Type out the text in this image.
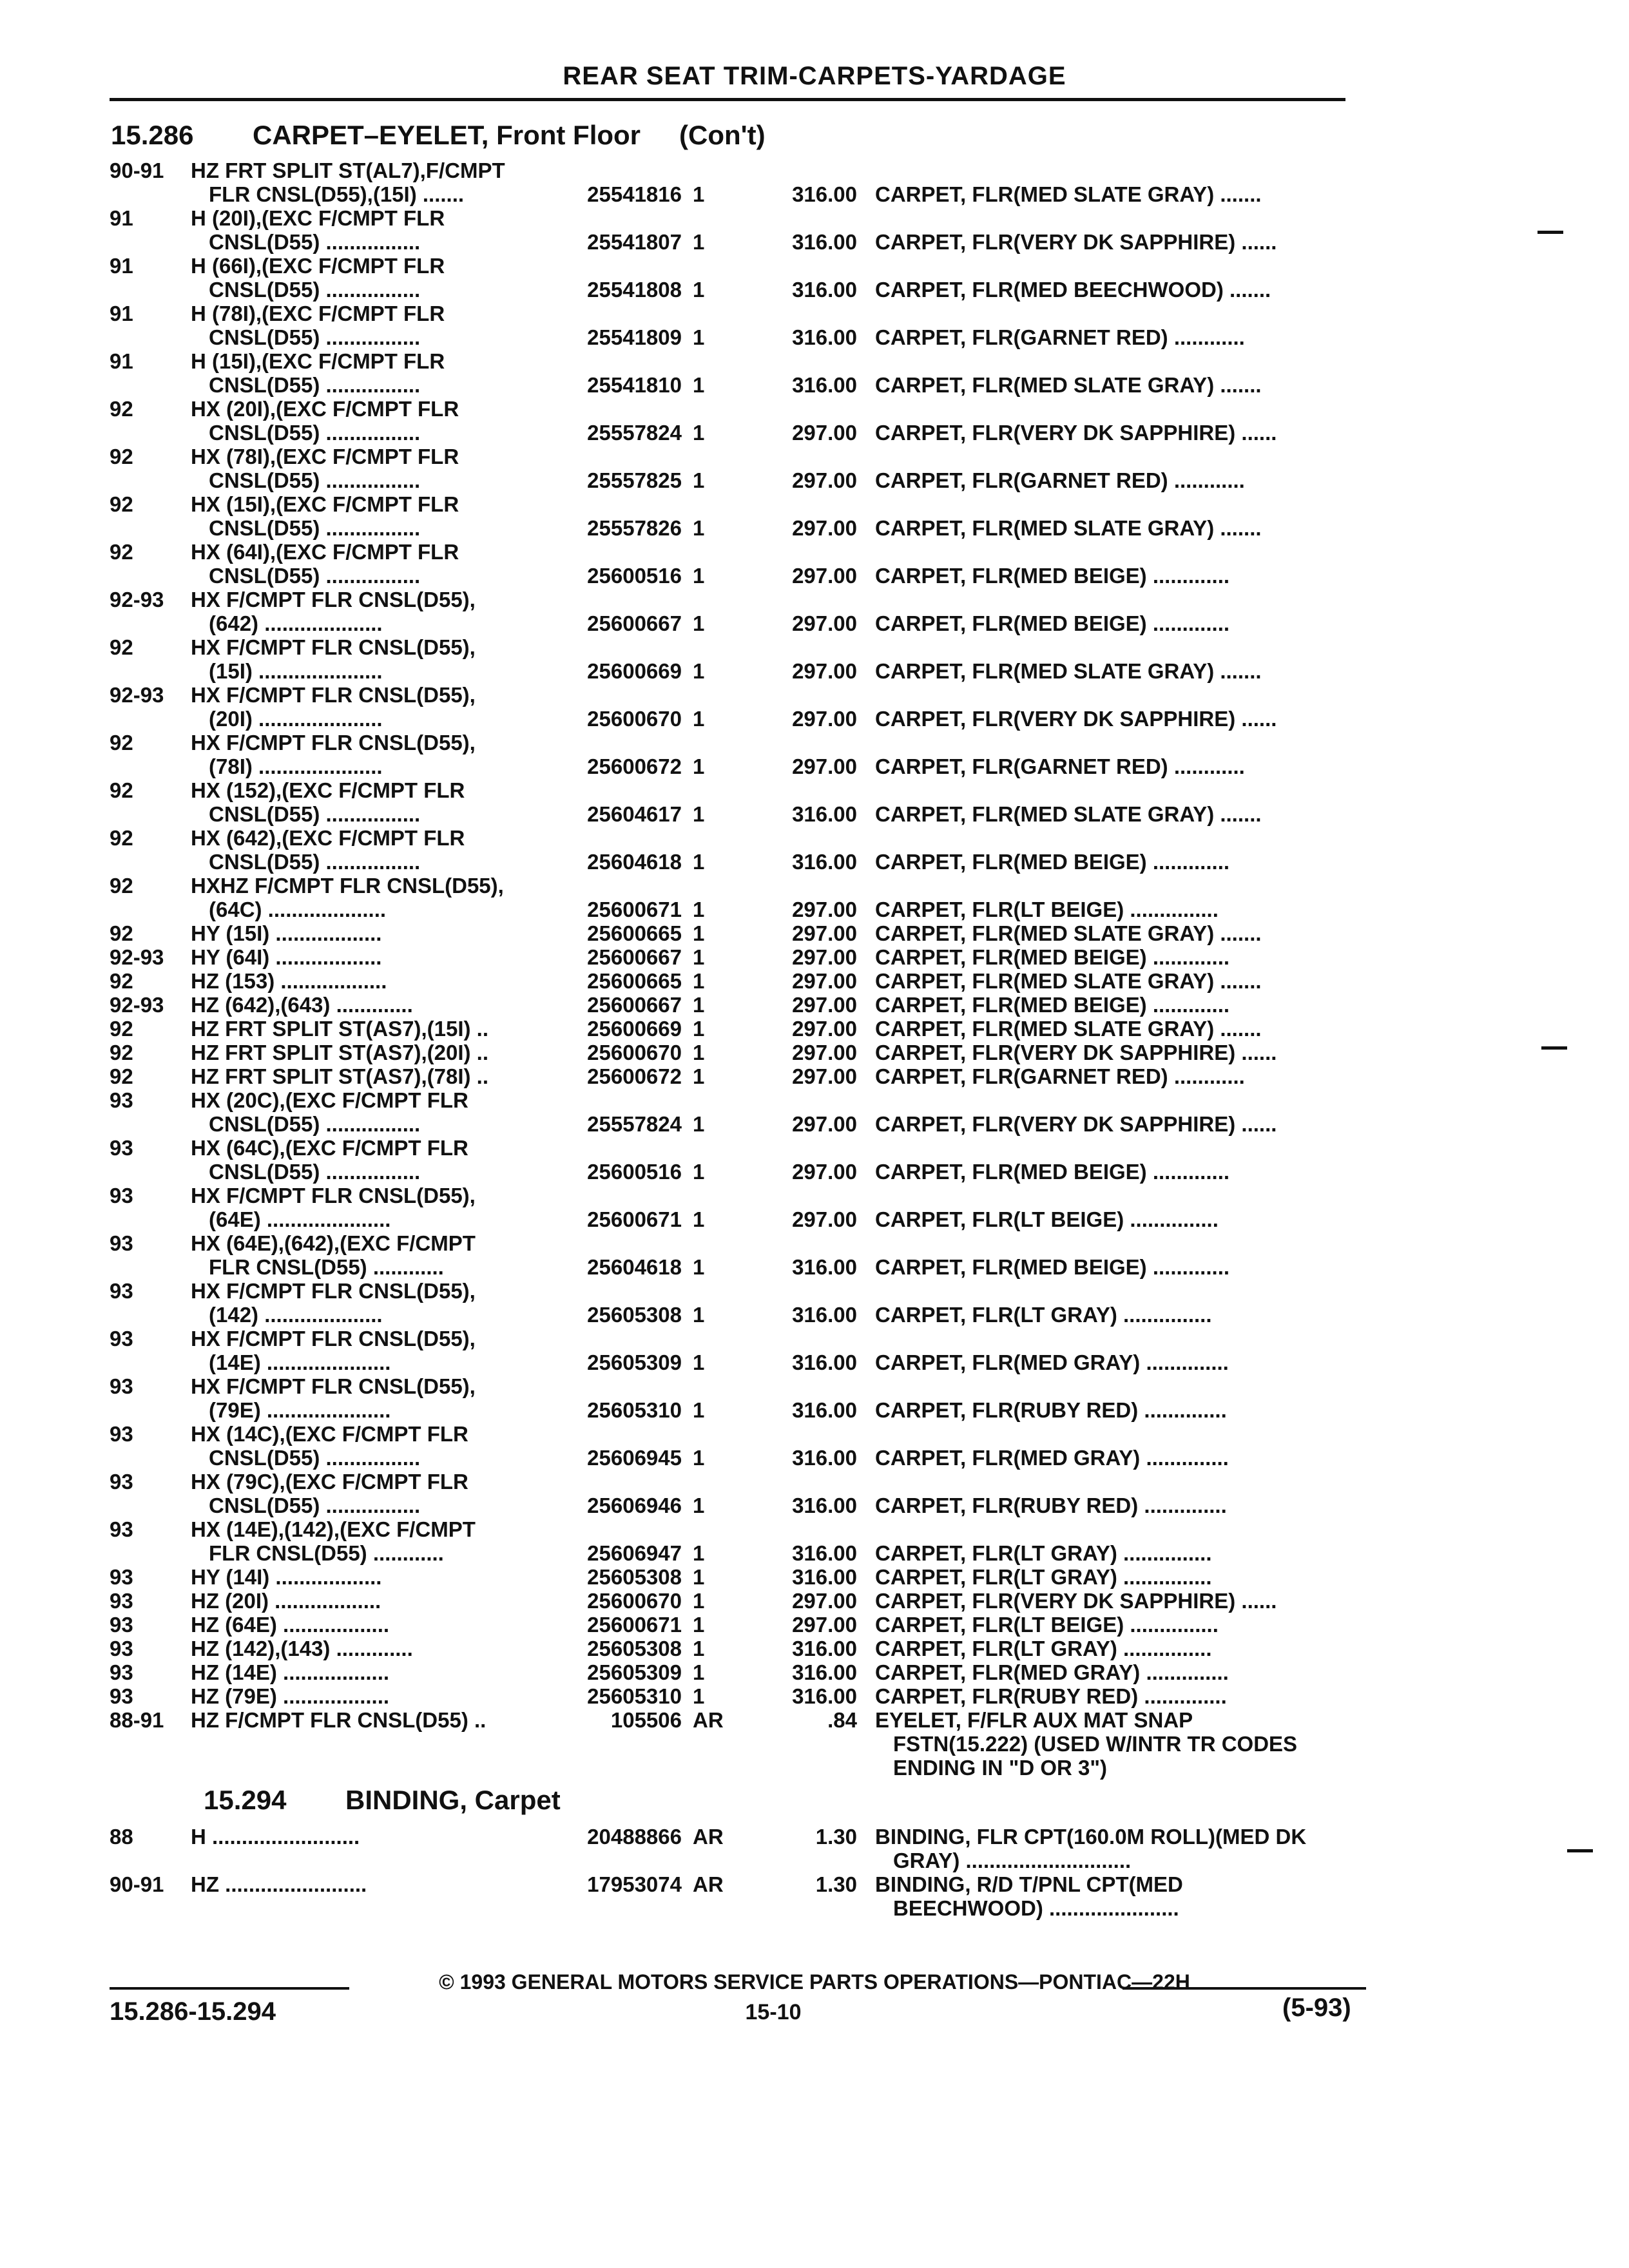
REAR SEAT TRIM-CARPETS-YARDAGE
15.286 CARPET–EYELET, Front Floor (Con't)
90-91 HZ FRT SPLIT ST(AL7),F/CMPT
FLR CNSL(D55),(15I) .......	25541816 1	316.00 CARPET, FLR(MED SLATE GRAY) .......
91	H (20I),(EXC F/CMPT FLR
CNSL(D55) ................	25541807 1	316.00 CARPET, FLR(VERY DK SAPPHIRE) ......
91	H (66I),(EXC F/CMPT FLR
CNSL(D55) ................	25541808 1	316.00 CARPET, FLR(MED BEECHWOOD) .......
91	H (78I),(EXC F/CMPT FLR
CNSL(D55) ................	25541809 1	316.00 CARPET, FLR(GARNET RED) ............
91	H (15I),(EXC F/CMPT FLR
CNSL(D55) ................	25541810 1	316.00 CARPET, FLR(MED SLATE GRAY) .......
92	HX (20I),(EXC F/CMPT FLR
CNSL(D55) ................	25557824 1	297.00 CARPET, FLR(VERY DK SAPPHIRE) ......
92	HX (78I),(EXC F/CMPT FLR
CNSL(D55) ................	25557825 1	297.00 CARPET, FLR(GARNET RED) ............
92	HX (15I),(EXC F/CMPT FLR
CNSL(D55) ................	25557826 1	297.00 CARPET, FLR(MED SLATE GRAY) .......
92	HX (64I),(EXC F/CMPT FLR
CNSL(D55) ................	25600516 1	297.00 CARPET, FLR(MED BEIGE) .............
92-93 HX F/CMPT FLR CNSL(D55),
(642) ....................	25600667 1	297.00 CARPET, FLR(MED BEIGE) .............
92	HX F/CMPT FLR CNSL(D55),
(15I) .....................	25600669 1	297.00 CARPET, FLR(MED SLATE GRAY) .......
92-93 HX F/CMPT FLR CNSL(D55),
(20I) .....................	25600670 1	297.00 CARPET, FLR(VERY DK SAPPHIRE) ......
92	HX F/CMPT FLR CNSL(D55),
(78I) .....................	25600672 1	297.00 CARPET, FLR(GARNET RED) ............
92	HX (152),(EXC F/CMPT FLR
CNSL(D55) ................	25604617 1	316.00 CARPET, FLR(MED SLATE GRAY) .......
92	HX (642),(EXC F/CMPT FLR
CNSL(D55) ................	25604618 1	316.00 CARPET, FLR(MED BEIGE) .............
92	HXHZ F/CMPT FLR CNSL(D55),
(64C) ....................	25600671 1	297.00 CARPET, FLR(LT BEIGE) ...............
92	HY (15I) ..................	25600665 1	297.00 CARPET, FLR(MED SLATE GRAY) .......
92-93 HY (64I) ..................	25600667 1	297.00 CARPET, FLR(MED BEIGE) .............
92	HZ (153) ..................	25600665 1	297.00 CARPET, FLR(MED SLATE GRAY) .......
92-93 HZ (642),(643) .............	25600667 1	297.00 CARPET, FLR(MED BEIGE) .............
92	HZ FRT SPLIT ST(AS7),(15I) ..	25600669 1	297.00 CARPET, FLR(MED SLATE GRAY) .......
92	HZ FRT SPLIT ST(AS7),(20I) ..	25600670 1	297.00 CARPET, FLR(VERY DK SAPPHIRE) ......
92	HZ FRT SPLIT ST(AS7),(78I) ..	25600672 1	297.00 CARPET, FLR(GARNET RED) ............
93	HX (20C),(EXC F/CMPT FLR
CNSL(D55) ................	25557824 1	297.00 CARPET, FLR(VERY DK SAPPHIRE) ......
93	HX (64C),(EXC F/CMPT FLR
CNSL(D55) ................	25600516 1	297.00 CARPET, FLR(MED BEIGE) .............
93	HX F/CMPT FLR CNSL(D55),
(64E) .....................	25600671 1	297.00 CARPET, FLR(LT BEIGE) ...............
93	HX (64E),(642),(EXC F/CMPT
FLR CNSL(D55) ............	25604618 1	316.00 CARPET, FLR(MED BEIGE) .............
93	HX F/CMPT FLR CNSL(D55),
(142) ....................	25605308 1	316.00 CARPET, FLR(LT GRAY) ...............
93	HX F/CMPT FLR CNSL(D55),
(14E) .....................	25605309 1	316.00 CARPET, FLR(MED GRAY) ..............
93	HX F/CMPT FLR CNSL(D55),
(79E) .....................	25605310 1	316.00 CARPET, FLR(RUBY RED) ..............
93	HX (14C),(EXC F/CMPT FLR
CNSL(D55) ................	25606945 1	316.00 CARPET, FLR(MED GRAY) ..............
93	HX (79C),(EXC F/CMPT FLR
CNSL(D55) ................	25606946 1	316.00 CARPET, FLR(RUBY RED) ..............
93	HX (14E),(142),(EXC F/CMPT
FLR CNSL(D55) ............	25606947 1	316.00 CARPET, FLR(LT GRAY) ...............
93	HY (14I) ..................	25605308 1	316.00 CARPET, FLR(LT GRAY) ...............
93	HZ (20I) ..................	25600670 1	297.00 CARPET, FLR(VERY DK SAPPHIRE) ......
93	HZ (64E) ..................	25600671 1	297.00 CARPET, FLR(LT BEIGE) ...............
93	HZ (142),(143) .............	25605308 1	316.00 CARPET, FLR(LT GRAY) ...............
93	HZ (14E) ..................	25605309 1	316.00 CARPET, FLR(MED GRAY) ..............
93	HZ (79E) ..................	25605310 1	316.00 CARPET, FLR(RUBY RED) ..............
88-91 HZ F/CMPT FLR CNSL(D55) ..	105506 AR	.84 EYELET, F/FLR AUX MAT SNAP
FSTN(15.222) (USED W/INTR TR CODES
ENDING IN "D OR 3")
15.294 BINDING, Carpet
88	H .........................	20488866 AR	1.30 BINDING, FLR CPT(160.0M ROLL)(MED DK
GRAY) ............................
90-91 HZ ........................	17953074 AR	1.30 BINDING, R/D T/PNL CPT(MED
BEECHWOOD) ......................
© 1993 GENERAL MOTORS SERVICE PARTS OPERATIONS—PONTIAC—22H
15.286-15.294	15-10	(5-93)
